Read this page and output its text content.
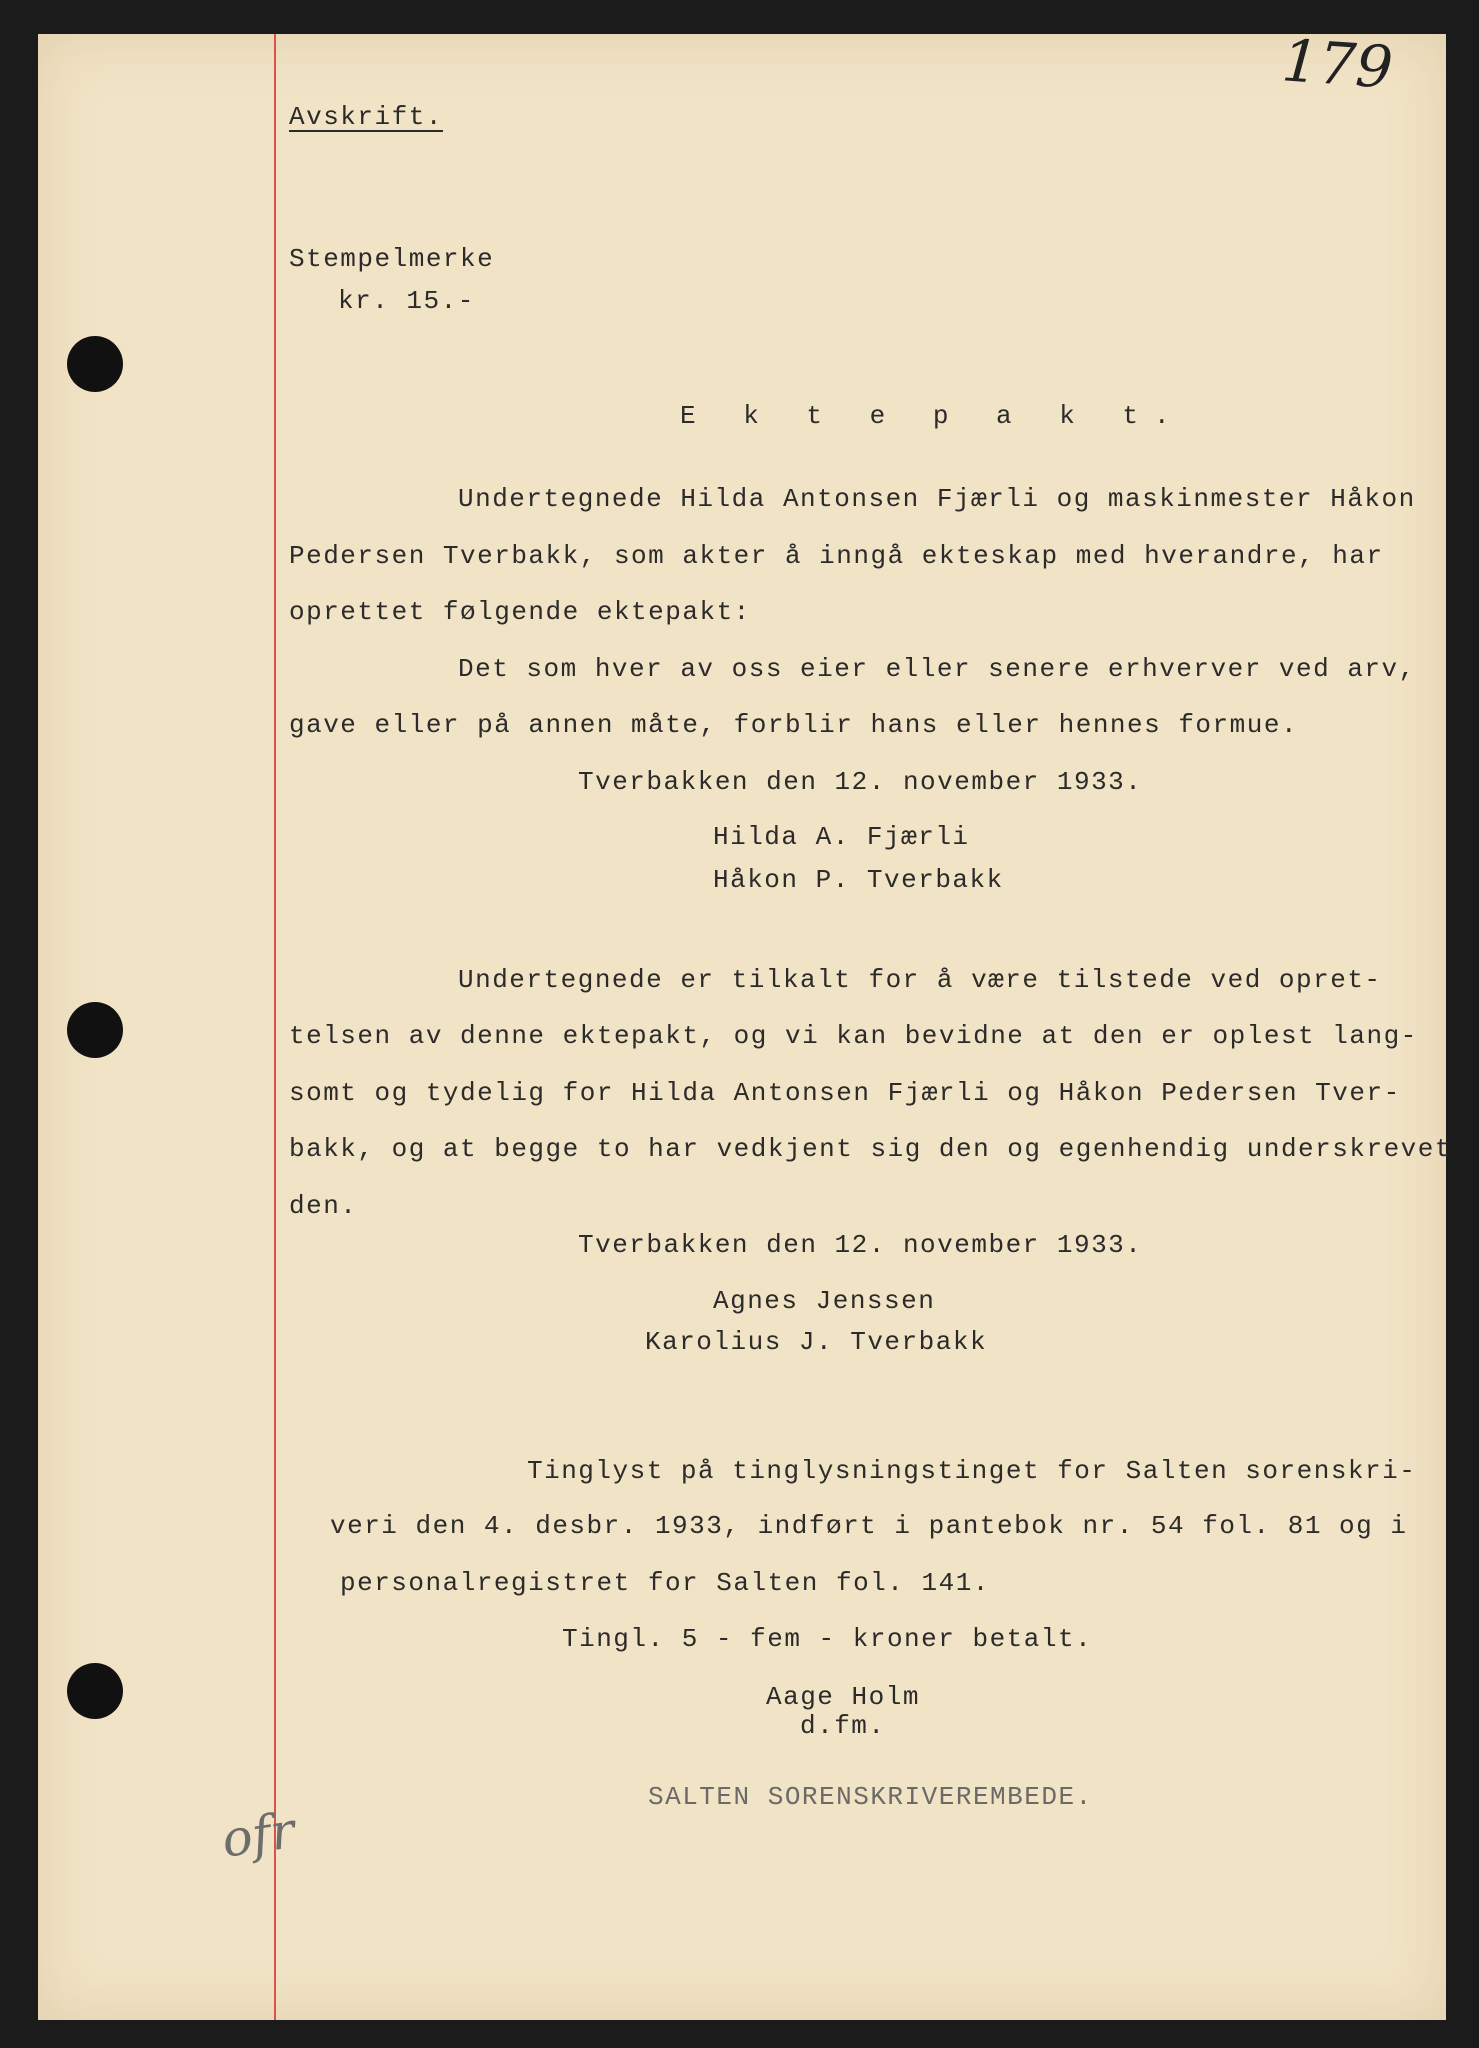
179
Avskrift.
Stempelmerke
kr. 15.-
E k t e p a k t.
Undertegnede Hilda Antonsen Fjærli og maskinmester Håkon
Pedersen Tverbakk, som akter å inngå ekteskap med hverandre, har
oprettet følgende ektepakt:
Det som hver av oss eier eller senere erhverver ved arv,
gave eller på annen måte, forblir hans eller hennes formue.
Tverbakken den 12. november 1933.
Hilda A. Fjærli
Håkon P. Tverbakk
Undertegnede er tilkalt for å være tilstede ved opret-
telsen av denne ektepakt, og vi kan bevidne at den er oplest lang-
somt og tydelig for Hilda Antonsen Fjærli og Håkon Pedersen Tver-
bakk, og at begge to har vedkjent sig den og egenhendig underskrevet
den.
Tverbakken den 12. november 1933.
Agnes Jenssen
Karolius J. Tverbakk
Tinglyst på tinglysningstinget for Salten sorenskri-
veri den 4. desbr. 1933, indført i pantebok nr. 54 fol. 81 og i
personalregistret for Salten fol. 141.
Tingl. 5 - fem - kroner betalt.
Aage Holm
d.fm.
SALTEN SORENSKRIVEREMBEDE.
ofr
